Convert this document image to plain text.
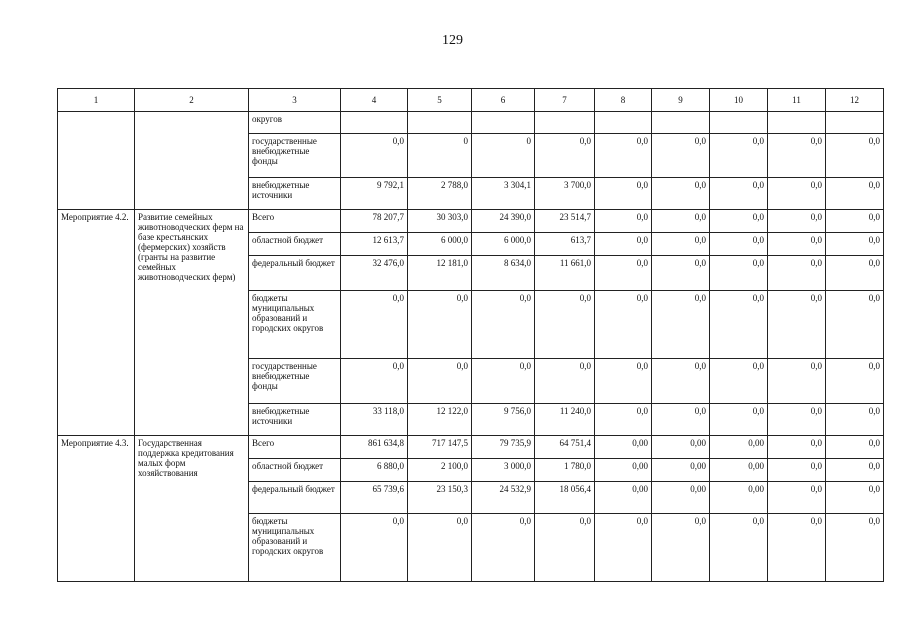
129
1	2	3	4	5	6	7	8	9	10	11	12
		округов									
		государственные внебюджетные фонды	0,0	0	0	0,0	0,0	0,0	0,0	0,0	0,0
		внебюджетные источники	9 792,1	2 788,0	3 304,1	3 700,0	0,0	0,0	0,0	0,0	0,0
Мероприятие 4.2.	Развитие семейных животноводческих ферм на базе крестьянских (фермерских) хозяйств (гранты на развитие семейных животноводческих ферм)	Всего	78 207,7	30 303,0	24 390,0	23 514,7	0,0	0,0	0,0	0,0	0,0
		областной бюджет	12 613,7	6 000,0	6 000,0	613,7	0,0	0,0	0,0	0,0	0,0
		федеральный бюджет	32 476,0	12 181,0	8 634,0	11 661,0	0,0	0,0	0,0	0,0	0,0
		бюджеты муниципальных образований и городских округов	0,0	0,0	0,0	0,0	0,0	0,0	0,0	0,0	0,0
		государственные внебюджетные фонды	0,0	0,0	0,0	0,0	0,0	0,0	0,0	0,0	0,0
		внебюджетные источники	33 118,0	12 122,0	9 756,0	11 240,0	0,0	0,0	0,0	0,0	0,0
Мероприятие 4.3.	Государственная поддержка кредитования малых форм хозяйствования	Всего	861 634,8	717 147,5	79 735,9	64 751,4	0,00	0,00	0,00	0,0	0,0
		областной бюджет	6 880,0	2 100,0	3 000,0	1 780,0	0,00	0,00	0,00	0,0	0,0
		федеральный бюджет	65 739,6	23 150,3	24 532,9	18 056,4	0,00	0,00	0,00	0,0	0,0
		бюджеты муниципальных образований и городских округов	0,0	0,0	0,0	0,0	0,0	0,0	0,0	0,0	0,0
